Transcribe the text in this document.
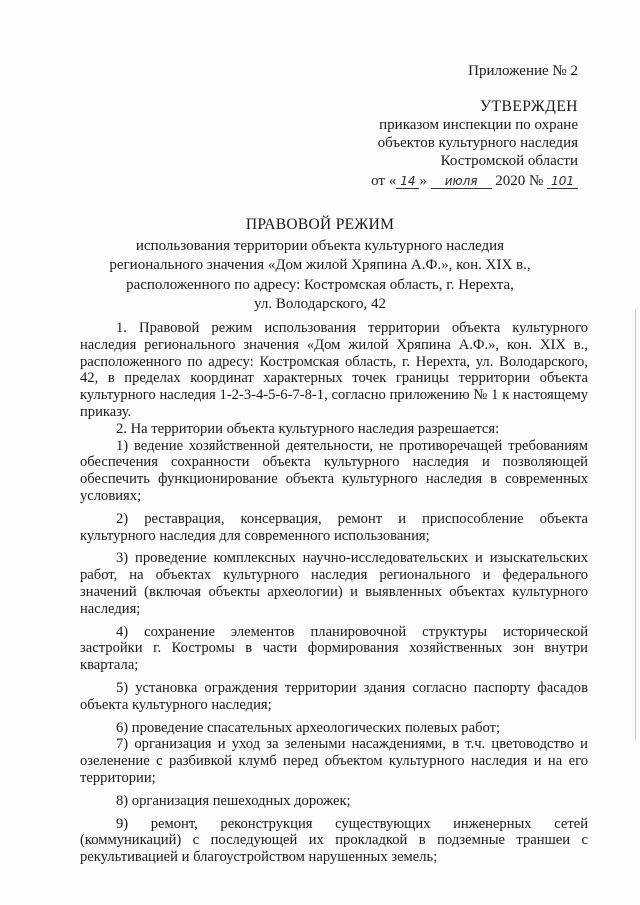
Приложение № 2
УТВЕРЖДЕН
приказом инспекции по охране
объектов культурного наследия
Костромской области
от « 14 » июля 2020 № 101
ПРАВОВОЙ РЕЖИМ
использования территории объекта культурного наследия
регионального значения «Дом жилой Хряпина А.Ф.», кон. XIX в.,
расположенного по адресу: Костромская область, г. Нерехта,
ул. Володарского, 42

1. Правовой режим использования территории объекта культурного наследия регионального значения «Дом жилой Хряпина А.Ф.», кон. XIX в., расположенного по адресу: Костромская область, г. Нерехта, ул. Володарского, 42, в пределах координат характерных точек границы территории объекта культурного наследия 1-2-3-4-5-6-7-8-1, согласно приложению № 1 к настоящему приказу.

2. На территории объекта культурного наследия разрешается:

1) ведение хозяйственной деятельности, не противоречащей требованиям обеспечения сохранности объекта культурного наследия и позволяющей обеспечить функционирование объекта культурного наследия в современных условиях;

2) реставрация, консервация, ремонт и приспособление объекта культурного наследия для современного использования;

3) проведение комплексных научно-исследовательских и изыскательских работ, на объектах культурного наследия регионального и федерального значений (включая объекты археологии) и выявленных объектах культурного наследия;

4) сохранение элементов планировочной структуры исторической застройки г. Костромы в части формирования хозяйственных зон внутри квартала;

5) установка ограждения территории здания согласно паспорту фасадов объекта культурного наследия;

6) проведение спасательных археологических полевых работ;

7) организация и уход за зелеными насаждениями, в т.ч. цветоводство и озеленение с разбивкой клумб перед объектом культурного наследия и на его территории;

8) организация пешеходных дорожек;

9) ремонт, реконструкция существующих инженерных сетей (коммуникаций) с последующей их прокладкой в подземные траншеи с рекультивацией и благоустройством нарушенных земель;
